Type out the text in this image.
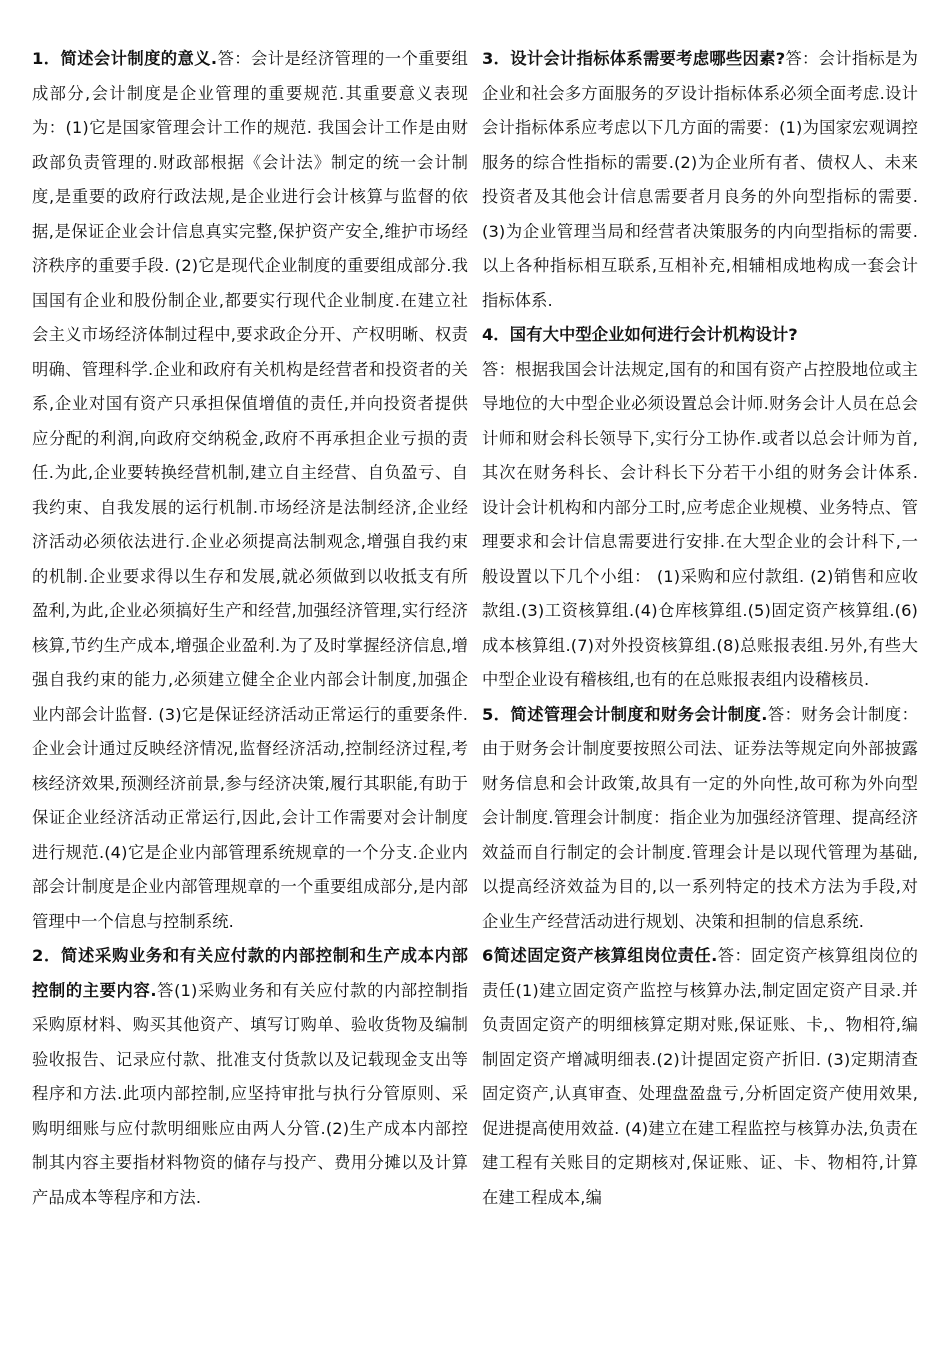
1．简述会计制度的意义.答：会计是经济管理的一个重要组成部分,会计制度是企业管理的重要规范.其重要意义表现为：(1)它是国家管理会计工作的规范. 我国会计工作是由财政部负责管理的.财政部根据《会计法》制定的统一会计制度,是重要的政府行政法规,是企业进行会计核算与监督的依据,是保证企业会计信息真实完整,保护资产安全,维护市场经济秩序的重要手段. (2)它是现代企业制度的重要组成部分.我国国有企业和股份制企业,都要实行现代企业制度.在建立社会主义市场经济体制过程中,要求政企分开、产权明晰、权责明确、管理科学.企业和政府有关机构是经营者和投资者的关系,企业对国有资产只承担保值增值的责任,并向投资者提供应分配的利润,向政府交纳税金,政府不再承担企业亏损的责任.为此,企业要转换经营机制,建立自主经营、自负盈亏、自我约束、自我发展的运行机制.市场经济是法制经济,企业经济活动必须依法进行.企业必须提高法制观念,增强自我约束的机制.企业要求得以生存和发展,就必须做到以收抵支有所盈利,为此,企业必须搞好生产和经营,加强经济管理,实行经济核算,节约生产成本,增强企业盈利.为了及时掌握经济信息,增强自我约束的能力,必须建立健全企业内部会计制度,加强企业内部会计监督. (3)它是保证经济活动正常运行的重要条件.企业会计通过反映经济情况,监督经济活动,控制经济过程,考核经济效果,预测经济前景,参与经济决策,履行其职能,有助于保证企业经济活动正常运行,因此,会计工作需要对会计制度进行规范.(4)它是企业内部管理系统规章的一个分支.企业内部会计制度是企业内部管理规章的一个重要组成部分,是内部管理中一个信息与控制系统.

2．简述采购业务和有关应付款的内部控制和生产成本内部控制的主要内容.答(1)采购业务和有关应付款的内部控制指采购原材料、购买其他资产、填写订购单、验收货物及编制验收报告、记录应付款、批准支付货款以及记载现金支出等程序和方法.此项内部控制,应坚持审批与执行分管原则、采购明细账与应付款明细账应由两人分管.(2)生产成本内部控制其内容主要指材料物资的储存与投产、费用分摊以及计算产品成本等程序和方法.

3．设计会计指标体系需要考虑哪些因素?答：会计指标是为企业和社会多方面服务的歹设计指标体系必须全面考虑.设计会计指标体系应考虑以下几方面的需要：(1)为国家宏观调控服务的综合性指标的需要.(2)为企业所有者、债权人、未来投资者及其他会计信息需要者月良务的外向型指标的需要.(3)为企业管理当局和经营者决策服务的内向型指标的需要.以上各种指标相互联系,互相补充,相辅相成地构成一套会计指标体系.

4．国有大中型企业如何进行会计机构设计?
答：根据我国会计法规定,国有的和国有资产占控股地位或主导地位的大中型企业必须设置总会计师.财务会计人员在总会计师和财会科长领导下,实行分工协作.或者以总会计师为首,其次在财务科长、会计科长下分若干小组的财务会计体系. 设计会计机构和内部分工时,应考虑企业规模、业务特点、管理要求和会计信息需要进行安排.在大型企业的会计科下,一般设置以下几个小组： (1)采购和应付款组. (2)销售和应收款组.(3)工资核算组.(4)仓库核算组.(5)固定资产核算组.(6)成本核算组.(7)对外投资核算组.(8)总账报表组.另外,有些大中型企业设有稽核组,也有的在总账报表组内设稽核员.

5．简述管理会计制度和财务会计制度.答：财务会计制度：由于财务会计制度要按照公司法、证券法等规定向外部披露财务信息和会计政策,故具有一定的外向性,故可称为外向型会计制度.管理会计制度：指企业为加强经济管理、提高经济效益而自行制定的会计制度.管理会计是以现代管理为基础,以提高经济效益为目的,以一系列特定的技术方法为手段,对企业生产经营活动进行规划、决策和担制的信息系统.

6简述固定资产核算组岗位责任.答：固定资产核算组岗位的责任(1)建立固定资产监控与核算办法,制定固定资产目录.并负责固定资产的明细核算定期对账,保证账、卡,、物相符,编制固定资产增减明细表.(2)计提固定资产折旧. (3)定期清查固定资产,认真审查、处理盘盈盘亏,分析固定资产使用效果,促进提高使用效益. (4)建立在建工程监控与核算办法,负责在建工程有关账目的定期核对,保证账、证、卡、物相符,计算在建工程成本,编
